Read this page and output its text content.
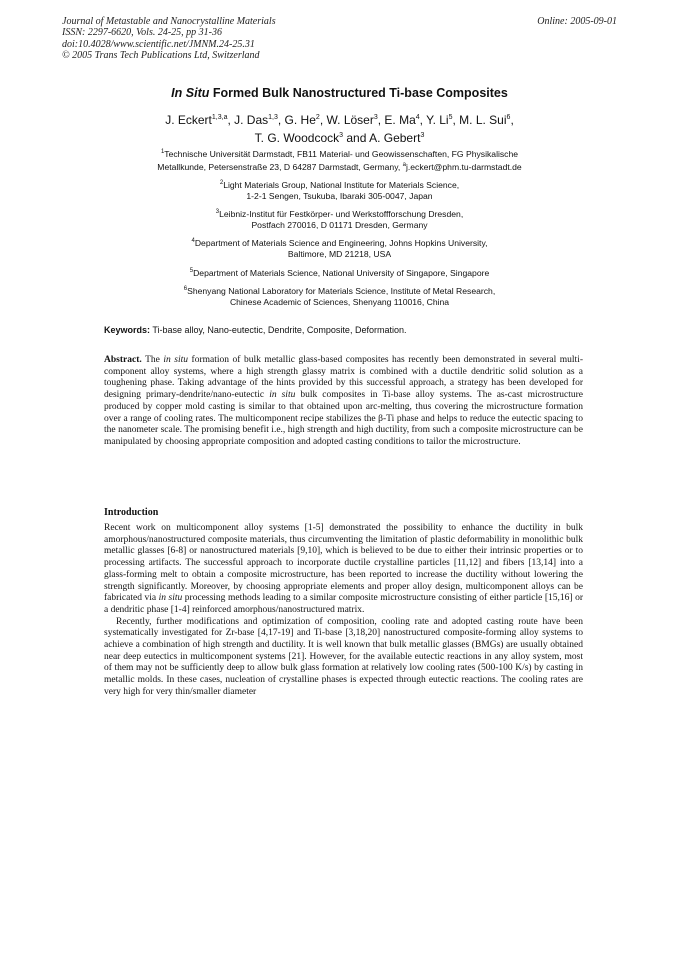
Journal of Metastable and Nanocrystalline Materials
ISSN: 2297-6620, Vols. 24-25, pp 31-36
doi:10.4028/www.scientific.net/JMNM.24-25.31
© 2005 Trans Tech Publications Ltd, Switzerland
Online: 2005-09-01
In Situ Formed Bulk Nanostructured Ti-base Composites
J. Eckert$^{1,3,a}$, J. Das$^{1,3}$, G. He$^2$, W. Löser$^3$, E. Ma$^4$, Y. Li$^5$, M. L. Sui$^6$,
T. G. Woodcock$^3$ and A. Gebert$^3$
$^1$Technische Universität Darmstadt, FB11 Material- und Geowissenschaften, FG Physikalische
Metallkunde, Petersenstraße 23, D 64287 Darmstadt, Germany, $^a$j.eckert@phm.tu-darmstadt.de
$^2$Light Materials Group, National Institute for Materials Science,
1-2-1 Sengen, Tsukuba, Ibaraki 305-0047, Japan
$^3$Leibniz-Institut für Festkörper- und Werkstoffforschung Dresden,
Postfach 270016, D 01171 Dresden, Germany
$^4$Department of Materials Science and Engineering, Johns Hopkins University,
Baltimore, MD 21218, USA
$^5$Department of Materials Science, National University of Singapore, Singapore
$^6$Shenyang National Laboratory for Materials Science, Institute of Metal Research,
Chinese Academic of Sciences, Shenyang 110016, China
Keywords: Ti-base alloy, Nano-eutectic, Dendrite, Composite, Deformation.
Abstract. The in situ formation of bulk metallic glass-based composites has recently been demonstrated in several multi-component alloy systems, where a high strength glassy matrix is combined with a ductile dendritic solid solution as a toughening phase. Taking advantage of the hints provided by this successful approach, a strategy has been developed for designing primary-dendrite/nano-eutectic in situ bulk composites in Ti-base alloy systems. The as-cast microstructure produced by copper mold casting is similar to that obtained upon arc-melting, thus covering the microstructure formation over a range of cooling rates. The multicomponent recipe stabilizes the β-Ti phase and helps to reduce the eutectic spacing to the nanometer scale. The promising benefit i.e., high strength and high ductility, from such a composite microstructure can be manipulated by choosing appropriate composition and adopted casting conditions to tailor the microstructure.
Introduction
Recent work on multicomponent alloy systems [1-5] demonstrated the possibility to enhance the ductility in bulk amorphous/nanostructured composite materials, thus circumventing the limitation of plastic deformability in monolithic bulk metallic glasses [6-8] or nanostructured materials [9,10], which is believed to be due to either their intrinsic properties or to processing artifacts. The successful approach to incorporate ductile crystalline particles [11,12] and fibers [13,14] into a glass-forming melt to obtain a composite microstructure, has been reported to increase the ductility without lowering the strength significantly. Moreover, by choosing appropriate elements and proper alloy design, multicomponent alloys can be fabricated via in situ processing methods leading to a similar composite microstructure consisting of either particle [15,16] or a dendritic phase [1-4] reinforced amorphous/nanostructured matrix.
Recently, further modifications and optimization of composition, cooling rate and adopted casting route have been systematically investigated for Zr-base [4,17-19] and Ti-base [3,18,20] nanostructured composite-forming alloy systems to achieve a combination of high strength and ductility. It is well known that bulk metallic glasses (BMGs) are usually obtained near deep eutectics in multicomponent systems [21]. However, for the available eutectic reactions in any alloy system, most of them may not be sufficiently deep to allow bulk glass formation at relatively low cooling rates (500-100 K/s) by casting in metallic molds. In these cases, nucleation of crystalline phases is expected through eutectic reactions. The cooling rates are very high for very thin/smaller diameter
